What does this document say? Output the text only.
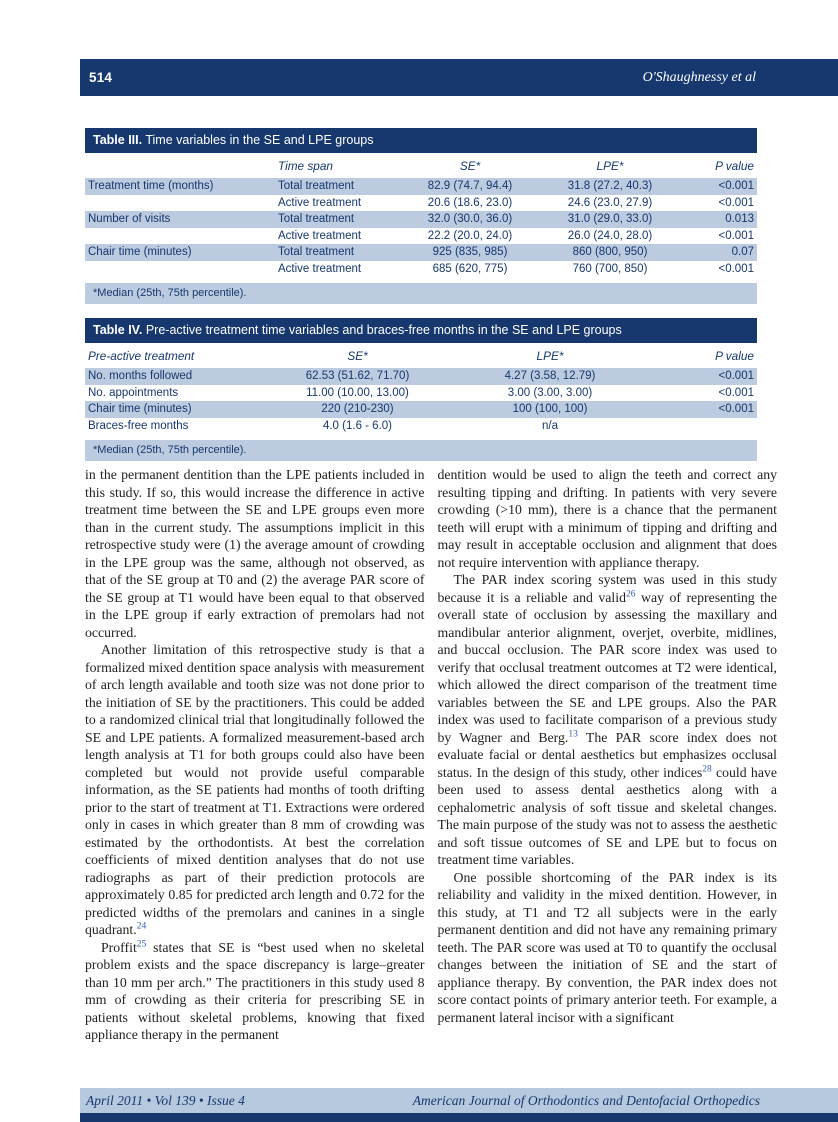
514	O'Shaughnessy et al
Table III. Time variables in the SE and LPE groups
	Time span	SE*	LPE*	P value
Treatment time (months)	Total treatment	82.9 (74.7, 94.4)	31.8 (27.2, 40.3)	<0.001
	Active treatment	20.6 (18.6, 23.0)	24.6 (23.0, 27.9)	<0.001
Number of visits	Total treatment	32.0 (30.0, 36.0)	31.0 (29.0, 33.0)	0.013
	Active treatment	22.2 (20.0, 24.0)	26.0 (24.0, 28.0)	<0.001
Chair time (minutes)	Total treatment	925 (835, 985)	860 (800, 950)	0.07
	Active treatment	685 (620, 775)	760 (700, 850)	<0.001
*Median (25th, 75th percentile).
Table IV. Pre-active treatment time variables and braces-free months in the SE and LPE groups
Pre-active treatment	SE*	LPE*	P value
No. months followed	62.53 (51.62, 71.70)	4.27 (3.58, 12.79)	<0.001
No. appointments	11.00 (10.00, 13.00)	3.00 (3.00, 3.00)	<0.001
Chair time (minutes)	220 (210-230)	100 (100, 100)	<0.001
Braces-free months	4.0 (1.6 - 6.0)	n/a	
*Median (25th, 75th percentile).

in the permanent dentition than the LPE patients included in this study. If so, this would increase the difference in active treatment time between the SE and LPE groups even more than in the current study. The assumptions implicit in this retrospective study were (1) the average amount of crowding in the LPE group was the same, although not observed, as that of the SE group at T0 and (2) the average PAR score of the SE group at T1 would have been equal to that observed in the LPE group if early extraction of premolars had not occurred.

Another limitation of this retrospective study is that a formalized mixed dentition space analysis with measurement of arch length available and tooth size was not done prior to the initiation of SE by the practitioners. This could be added to a randomized clinical trial that longitudinally followed the SE and LPE patients. A formalized measurement-based arch length analysis at T1 for both groups could also have been completed but would not provide useful comparable information, as the SE patients had months of tooth drifting prior to the start of treatment at T1. Extractions were ordered only in cases in which greater than 8 mm of crowding was estimated by the orthodontists. At best the correlation coefficients of mixed dentition analyses that do not use radiographs as part of their prediction protocols are approximately 0.85 for predicted arch length and 0.72 for the predicted widths of the premolars and canines in a single quadrant.$^{24}$

Proffit$^{25}$ states that SE is “best used when no skeletal problem exists and the space discrepancy is large–greater than 10 mm per arch.” The practitioners in this study used 8 mm of crowding as their criteria for prescribing SE in patients without skeletal problems, knowing that fixed appliance therapy in the permanent

dentition would be used to align the teeth and correct any resulting tipping and drifting. In patients with very severe crowding (>10 mm), there is a chance that the permanent teeth will erupt with a minimum of tipping and drifting and may result in acceptable occlusion and alignment that does not require intervention with appliance therapy.

The PAR index scoring system was used in this study because it is a reliable and valid$^{26}$ way of representing the overall state of occlusion by assessing the maxillary and mandibular anterior alignment, overjet, overbite, midlines, and buccal occlusion. The PAR score index was used to verify that occlusal treatment outcomes at T2 were identical, which allowed the direct comparison of the treatment time variables between the SE and LPE groups. Also the PAR index was used to facilitate comparison of a previous study by Wagner and Berg.$^{13}$ The PAR score index does not evaluate facial or dental aesthetics but emphasizes occlusal status. In the design of this study, other indices$^{28}$ could have been used to assess dental aesthetics along with a cephalometric analysis of soft tissue and skeletal changes. The main purpose of the study was not to assess the aesthetic and soft tissue outcomes of SE and LPE but to focus on treatment time variables.

One possible shortcoming of the PAR index is its reliability and validity in the mixed dentition. However, in this study, at T1 and T2 all subjects were in the early permanent dentition and did not have any remaining primary teeth. The PAR score was used at T0 to quantify the occlusal changes between the initiation of SE and the start of appliance therapy. By convention, the PAR index does not score contact points of primary anterior teeth. For example, a permanent lateral incisor with a significant

April 2011 • Vol 139 • Issue 4	American Journal of Orthodontics and Dentofacial Orthopedics
